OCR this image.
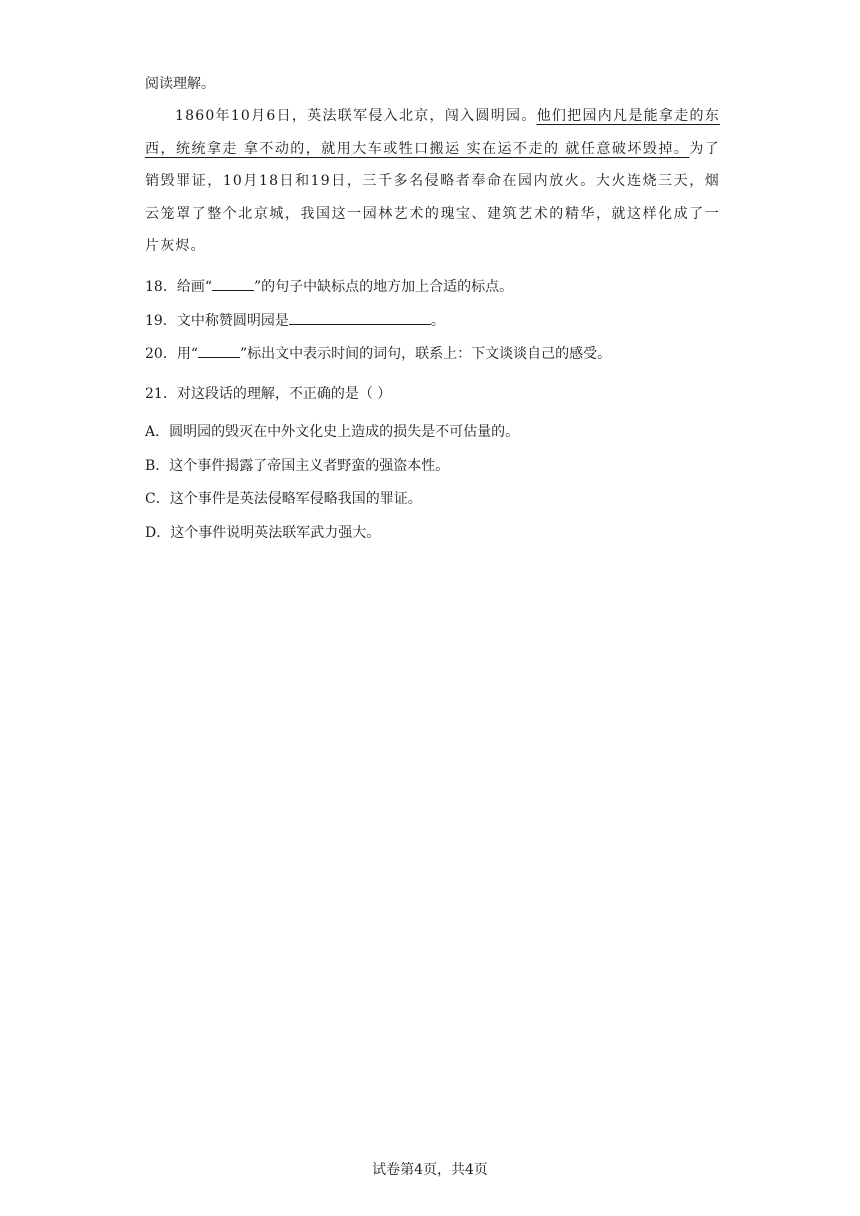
阅读理解。
1860年10月6日，英法联军侵入北京，闯入圆明园。他们把园内凡是能拿走的东西，统统拿走 拿不动的，就用大车或牲口搬运 实在运不走的 就任意破坏毁掉。为了销毁罪证，10月18日和19日，三千多名侵略者奉命在园内放火。大火连烧三天，烟云笼罩了整个北京城，我国这一园林艺术的瑰宝、建筑艺术的精华，就这样化成了一片灰烬。
18．给画“	”的句子中缺标点的地方加上合适的标点。
19．文中称赞圆明园是	。
20．用“	”标出文中表示时间的词句，联系上：下文谈谈自己的感受。
21．对这段话的理解，不正确的是（ ）
A．圆明园的毁灭在中外文化史上造成的损失是不可估量的。
B．这个事件揭露了帝国主义者野蛮的强盗本性。
C．这个事件是英法侵略军侵略我国的罪证。
D．这个事件说明英法联军武力强大。
试卷第4页，共4页
